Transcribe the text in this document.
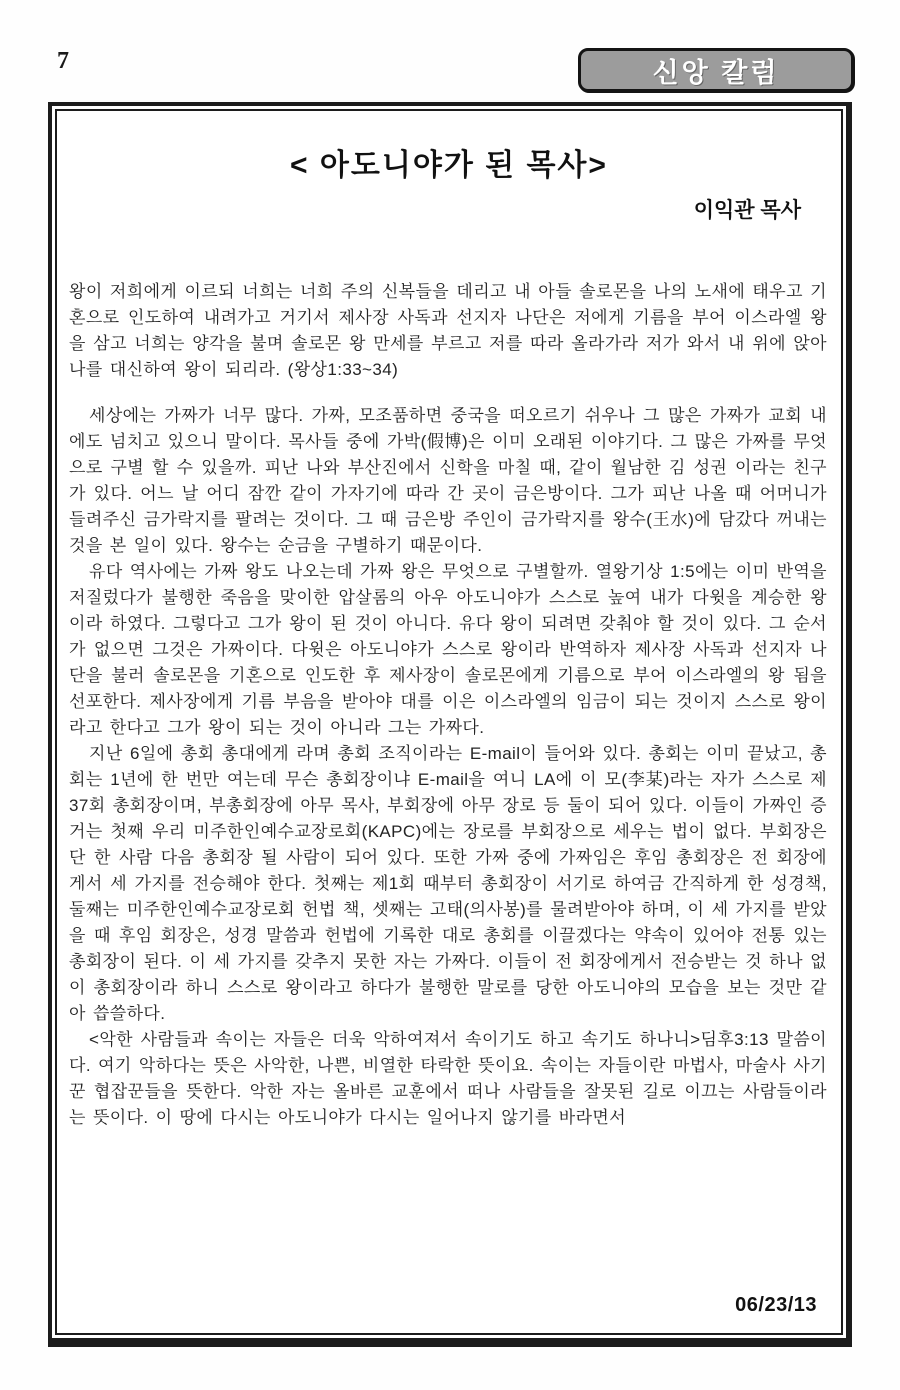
7	신앙 칼럼
< 아도니야가 된 목사>
이익관 목사

왕이 저희에게 이르되 너희는 너희 주의 신복들을 데리고 내 아들 솔로몬을 나의 노새에 태우고 기혼으로 인도하여 내려가고 거기서 제사장 사독과 선지자 나단은 저에게 기름을 부어 이스라엘 왕을 삼고 너희는 양각을 불며 솔로몬 왕 만세를 부르고 저를 따라 올라가라 저가 와서 내 위에 앉아 나를 대신하여 왕이 되리라. (왕상1:33~34)

세상에는 가짜가 너무 많다. 가짜, 모조품하면 중국을 떠오르기 쉬우나 그 많은 가짜가 교회 내에도 넘치고 있으니 말이다. 목사들 중에 가박(假博)은 이미 오래된 이야기다. 그 많은 가짜를 무엇으로 구별 할 수 있을까. 피난 나와 부산진에서 신학을 마칠 때, 같이 월남한 김 성권 이라는 친구가 있다. 어느 날 어디 잠깐 같이 가자기에 따라 간 곳이 금은방이다. 그가 피난 나올 때 어머니가 들려주신 금가락지를 팔려는 것이다. 그 때 금은방 주인이 금가락지를 왕수(王水)에 담갔다 꺼내는 것을 본 일이 있다. 왕수는 순금을 구별하기 때문이다.

유다 역사에는 가짜 왕도 나오는데 가짜 왕은 무엇으로 구별할까. 열왕기상 1:5에는 이미 반역을 저질렀다가 불행한 죽음을 맞이한 압살롬의 아우 아도니야가 스스로 높여 내가 다윗을 계승한 왕이라 하였다. 그렇다고 그가 왕이 된 것이 아니다. 유다 왕이 되려면 갖춰야 할 것이 있다. 그 순서가 없으면 그것은 가짜이다. 다윗은 아도니야가 스스로 왕이라 반역하자 제사장 사독과 선지자 나단을 불러 솔로몬을 기혼으로 인도한 후 제사장이 솔로몬에게 기름으로 부어 이스라엘의 왕 됨을 선포한다. 제사장에게 기름 부음을 받아야 대를 이은 이스라엘의 임금이 되는 것이지 스스로 왕이라고 한다고 그가 왕이 되는 것이 아니라 그는 가짜다.

지난 6일에 총회 총대에게 라며 총회 조직이라는 E-mail이 들어와 있다. 총회는 이미 끝났고, 총회는 1년에 한 번만 여는데 무슨 총회장이냐 E-mail을 여니 LA에 이 모(李某)라는 자가 스스로 제37회 총회장이며, 부총회장에 아무 목사, 부회장에 아무 장로 등 둘이 되어 있다. 이들이 가짜인 증거는 첫째 우리 미주한인예수교장로회(KAPC)에는 장로를 부회장으로 세우는 법이 없다. 부회장은 단 한 사람 다음 총회장 될 사람이 되어 있다. 또한 가짜 중에 가짜임은 후임 총회장은 전 회장에게서 세 가지를 전승해야 한다. 첫째는 제1회 때부터 총회장이 서기로 하여금 간직하게 한 성경책, 둘째는 미주한인예수교장로회 헌법 책, 셋째는 고태(의사봉)를 물려받아야 하며, 이 세 가지를 받았을 때 후임 회장은, 성경 말씀과 헌법에 기록한 대로 총회를 이끌겠다는 약속이 있어야 전통 있는 총회장이 된다. 이 세 가지를 갖추지 못한 자는 가짜다. 이들이 전 회장에게서 전승받는 것 하나 없이 총회장이라 하니 스스로 왕이라고 하다가 불행한 말로를 당한 아도니야의 모습을 보는 것만 같아 씁쓸하다.

<악한 사람들과 속이는 자들은 더욱 악하여져서 속이기도 하고 속기도 하나니>딤후3:13 말씀이다. 여기 악하다는 뜻은 사악한, 나쁜, 비열한 타락한 뜻이요. 속이는 자들이란 마법사, 마술사 사기꾼 협잡꾼들을 뜻한다. 악한 자는 올바른 교훈에서 떠나 사람들을 잘못된 길로 이끄는 사람들이라는 뜻이다. 이 땅에 다시는 아도니야가 다시는 일어나지 않기를 바라면서

06/23/13
